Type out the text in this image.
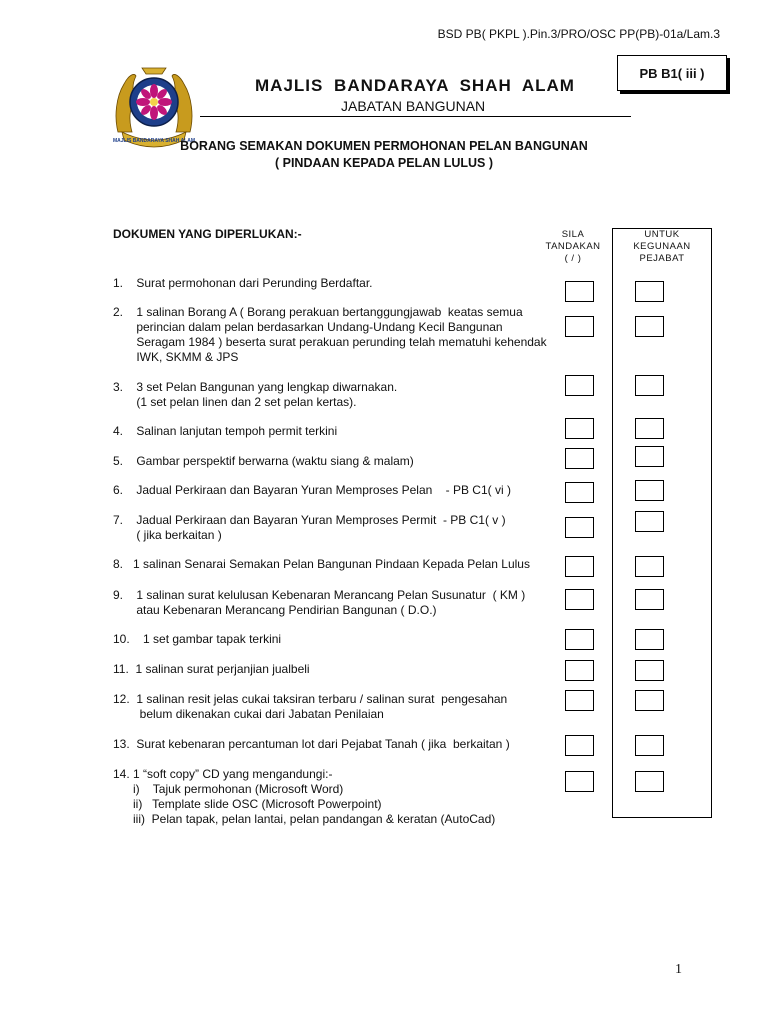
BSD PB( PKPL ).Pin.3/PRO/OSC PP(PB)-01a/Lam.3
PB B1( iii )
MAJLIS BANDARAYA SHAH ALAM
MAJLIS BANDARAYA SHAH ALAM
JABATAN BANGUNAN
BORANG SEMAKAN DOKUMEN PERMOHONAN PELAN BANGUNAN
( PINDAAN KEPADA PELAN LULUS )
DOKUMEN YANG DIPERLUKAN:-	SILA
TANDAKAN
( / )
UNTUK
KEGUNAAN
PEJABAT
1.    Surat permohonan dari Perunding Berdaftar.
2.    1 salinan Borang A ( Borang perakuan bertanggungjawab  keatas semua
perincian dalam pelan berdasarkan Undang-Undang Kecil Bangunan
Seragam 1984 ) beserta surat perakuan perunding telah mematuhi kehendak
IWK, SKMM & JPS
3.    3 set Pelan Bangunan yang lengkap diwarnakan.
(1 set pelan linen dan 2 set pelan kertas).
4.    Salinan lanjutan tempoh permit terkini
5.    Gambar perspektif berwarna (waktu siang & malam)
6.    Jadual Perkiraan dan Bayaran Yuran Memproses Pelan    - PB C1( vi )
7.    Jadual Perkiraan dan Bayaran Yuran Memproses Permit  - PB C1( v )
( jika berkaitan )
8.   1 salinan Senarai Semakan Pelan Bangunan Pindaan Kepada Pelan Lulus
9.    1 salinan surat kelulusan Kebenaran Merancang Pelan Susunatur  ( KM )
atau Kebenaran Merancang Pendirian Bangunan ( D.O.)
10.    1 set gambar tapak terkini
11.  1 salinan surat perjanjian jualbeli
12.  1 salinan resit jelas cukai taksiran terbaru / salinan surat  pengesahan
belum dikenakan cukai dari Jabatan Penilaian
13.  Surat kebenaran percantuman lot dari Pejabat Tanah ( jika  berkaitan )
14. 1 “soft copy” CD yang mengandungi:-
i)    Tajuk permohonan (Microsoft Word)
ii)   Template slide OSC (Microsoft Powerpoint)
iii)  Pelan tapak, pelan lantai, pelan pandangan & keratan (AutoCad)
1
